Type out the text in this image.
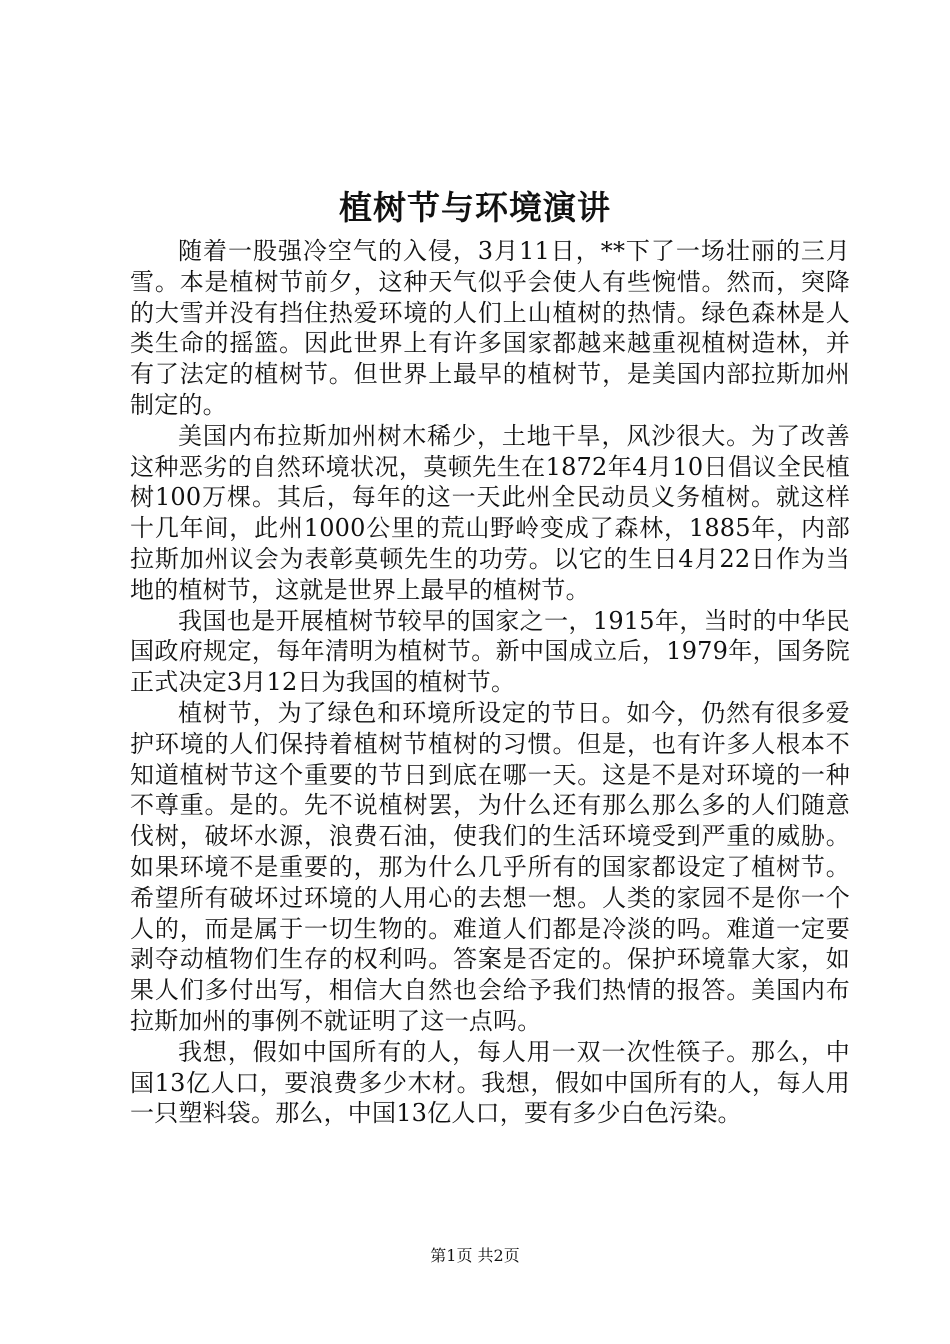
植树节与环境演讲

随着一股强冷空气的入侵，3月11日，**下了一场壮丽的三月雪。本是植树节前夕，这种天气似乎会使人有些惋惜。然而，突降的大雪并没有挡住热爱环境的人们上山植树的热情。绿色森林是人类生命的摇篮。因此世界上有许多国家都越来越重视植树造林，并有了法定的植树节。但世界上最早的植树节，是美国内部拉斯加州制定的。

美国内布拉斯加州树木稀少，土地干旱，风沙很大。为了改善这种恶劣的自然环境状况，莫顿先生在1872年4月10日倡议全民植树100万棵。其后，每年的这一天此州全民动员义务植树。就这样十几年间，此州1000公里的荒山野岭变成了森林，1885年，内部拉斯加州议会为表彰莫顿先生的功劳。以它的生日4月22日作为当地的植树节，这就是世界上最早的植树节。

我国也是开展植树节较早的国家之一，1915年，当时的中华民国政府规定，每年清明为植树节。新中国成立后，1979年，国务院正式决定3月12日为我国的植树节。

植树节，为了绿色和环境所设定的节日。如今，仍然有很多爱护环境的人们保持着植树节植树的习惯。但是，也有许多人根本不知道植树节这个重要的节日到底在哪一天。这是不是对环境的一种不尊重。是的。先不说植树罢，为什么还有那么那么多的人们随意伐树，破坏水源，浪费石油，使我们的生活环境受到严重的威胁。如果环境不是重要的，那为什么几乎所有的国家都设定了植树节。希望所有破坏过环境的人用心的去想一想。人类的家园不是你一个人的，而是属于一切生物的。难道人们都是冷淡的吗。难道一定要剥夺动植物们生存的权利吗。答案是否定的。保护环境靠大家，如果人们多付出写，相信大自然也会给予我们热情的报答。美国内布拉斯加州的事例不就证明了这一点吗。

我想，假如中国所有的人，每人用一双一次性筷子。那么，中国13亿人口，要浪费多少木材。我想，假如中国所有的人，每人用一只塑料袋。那么，中国13亿人口，要有多少白色污染。

第1页 共2页
